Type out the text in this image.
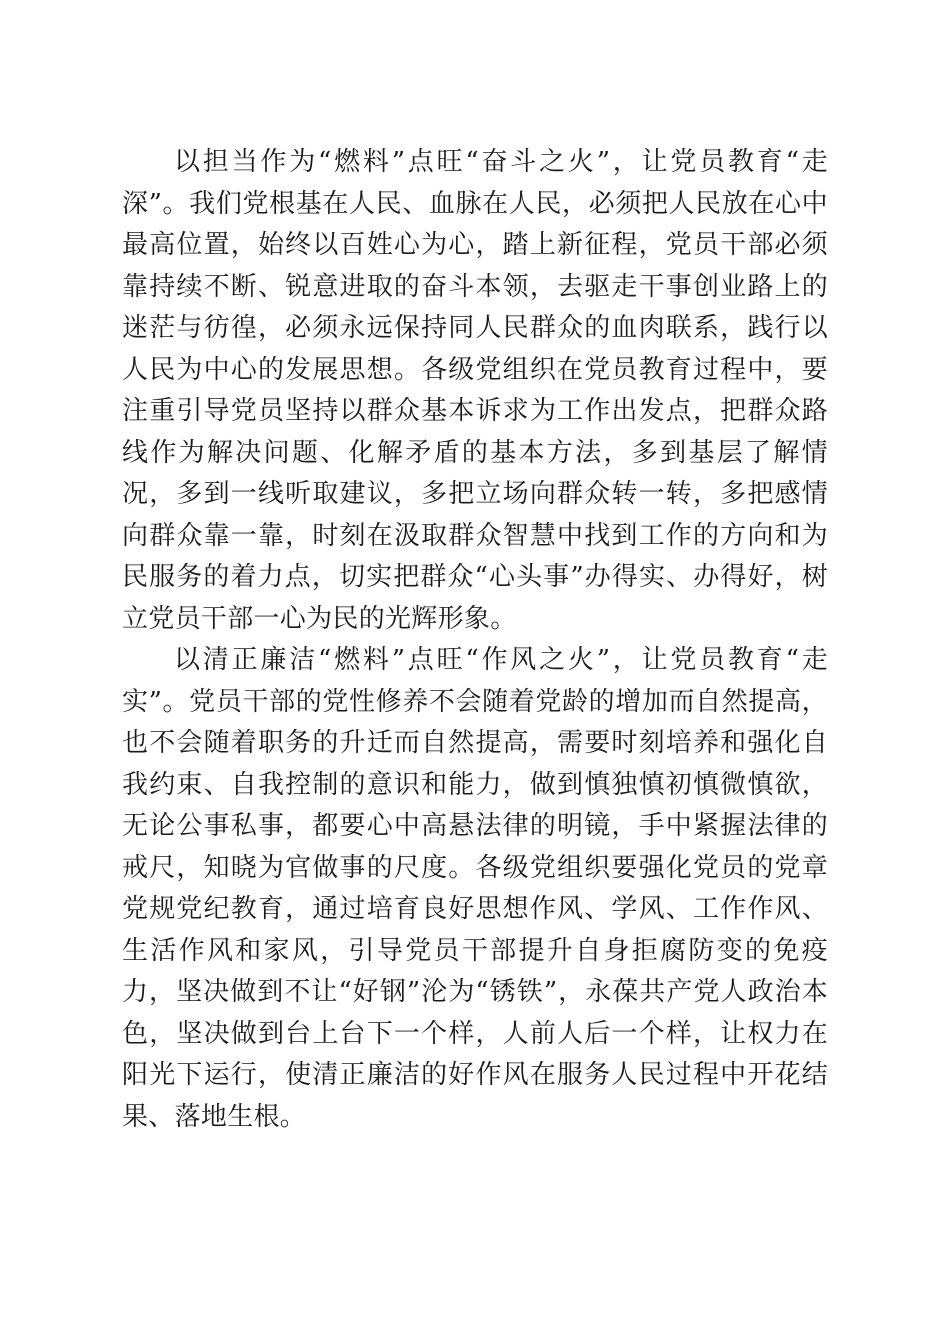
以担当作为“燃料”点旺“奋斗之火”，让党员教育“走深”。我们党根基在人民、血脉在人民，必须把人民放在心中最高位置，始终以百姓心为心，踏上新征程，党员干部必须靠持续不断、锐意进取的奋斗本领，去驱走干事创业路上的迷茫与彷徨，必须永远保持同人民群众的血肉联系，践行以人民为中心的发展思想。各级党组织在党员教育过程中，要注重引导党员坚持以群众基本诉求为工作出发点，把群众路线作为解决问题、化解矛盾的基本方法，多到基层了解情况，多到一线听取建议，多把立场向群众转一转，多把感情向群众靠一靠，时刻在汲取群众智慧中找到工作的方向和为民服务的着力点，切实把群众“心头事”办得实、办得好，树立党员干部一心为民的光辉形象。

以清正廉洁“燃料”点旺“作风之火”，让党员教育“走实”。党员干部的党性修养不会随着党龄的增加而自然提高，也不会随着职务的升迁而自然提高，需要时刻培养和强化自我约束、自我控制的意识和能力，做到慎独慎初慎微慎欲，无论公事私事，都要心中高悬法律的明镜，手中紧握法律的戒尺，知晓为官做事的尺度。各级党组织要强化党员的党章党规党纪教育，通过培育良好思想作风、学风、工作作风、生活作风和家风，引导党员干部提升自身拒腐防变的免疫力，坚决做到不让“好钢”沦为“锈铁”，永葆共产党人政治本色，坚决做到台上台下一个样，人前人后一个样，让权力在阳光下运行，使清正廉洁的好作风在服务人民过程中开花结果、落地生根。
